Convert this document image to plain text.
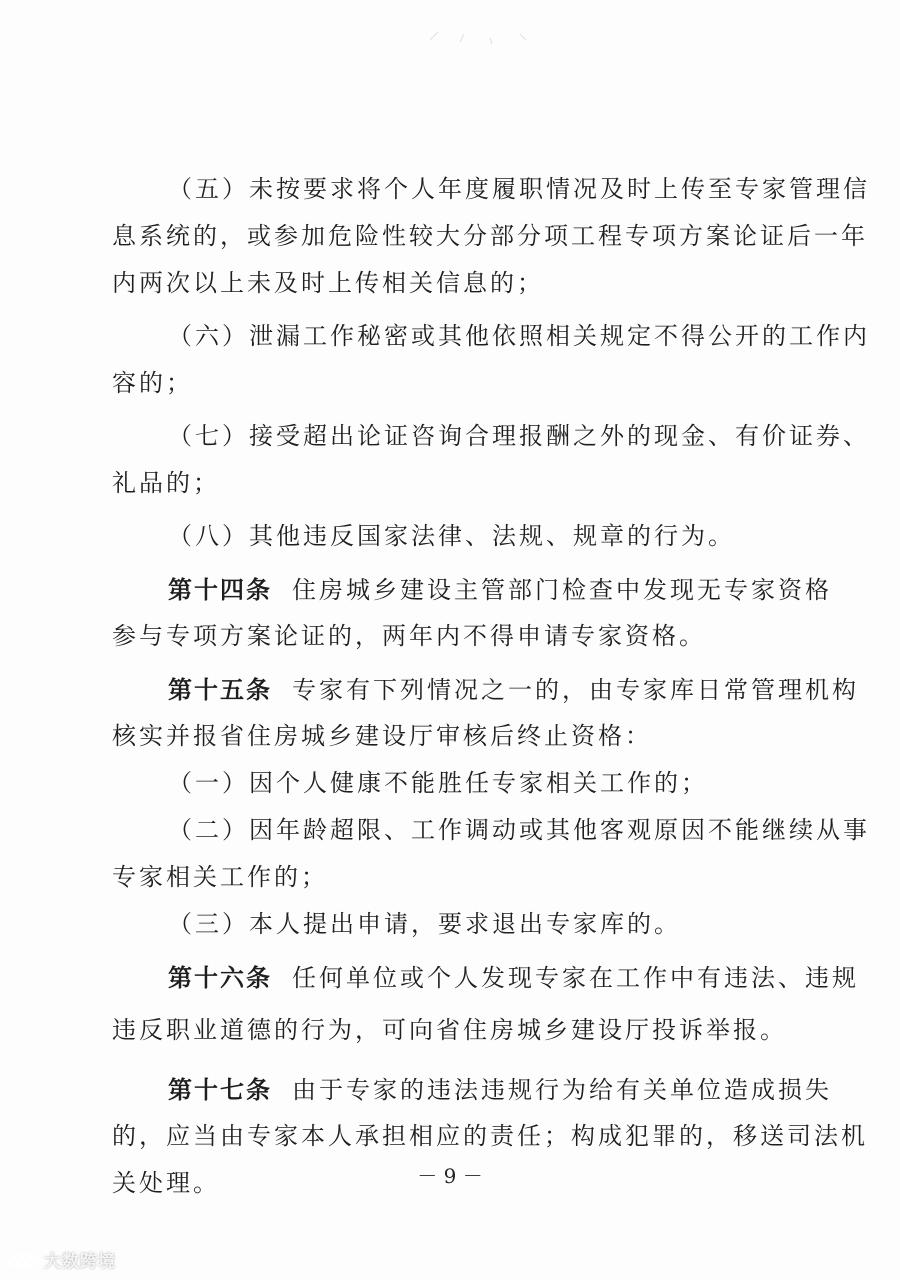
（五）未按要求将个人年度履职情况及时上传至专家管理信
息系统的，或参加危险性较大分部分项工程专项方案论证后一年
内两次以上未及时上传相关信息的；
（六）泄漏工作秘密或其他依照相关规定不得公开的工作内
容的；
（七）接受超出论证咨询合理报酬之外的现金、有价证券、
礼品的；
（八）其他违反国家法律、法规、规章的行为。
第十四条 住房城乡建设主管部门检查中发现无专家资格
参与专项方案论证的，两年内不得申请专家资格。
第十五条 专家有下列情况之一的，由专家库日常管理机构
核实并报省住房城乡建设厅审核后终止资格：
（一）因个人健康不能胜任专家相关工作的；
（二）因年龄超限、工作调动或其他客观原因不能继续从事
专家相关工作的；
（三）本人提出申请，要求退出专家库的。
第十六条 任何单位或个人发现专家在工作中有违法、违规
违反职业道德的行为，可向省住房城乡建设厅投诉举报。
第十七条 由于专家的违法违规行为给有关单位造成损失
的，应当由专家本人承担相应的责任；构成犯罪的，移送司法机
关处理。	－ 9 －
大数跨境
